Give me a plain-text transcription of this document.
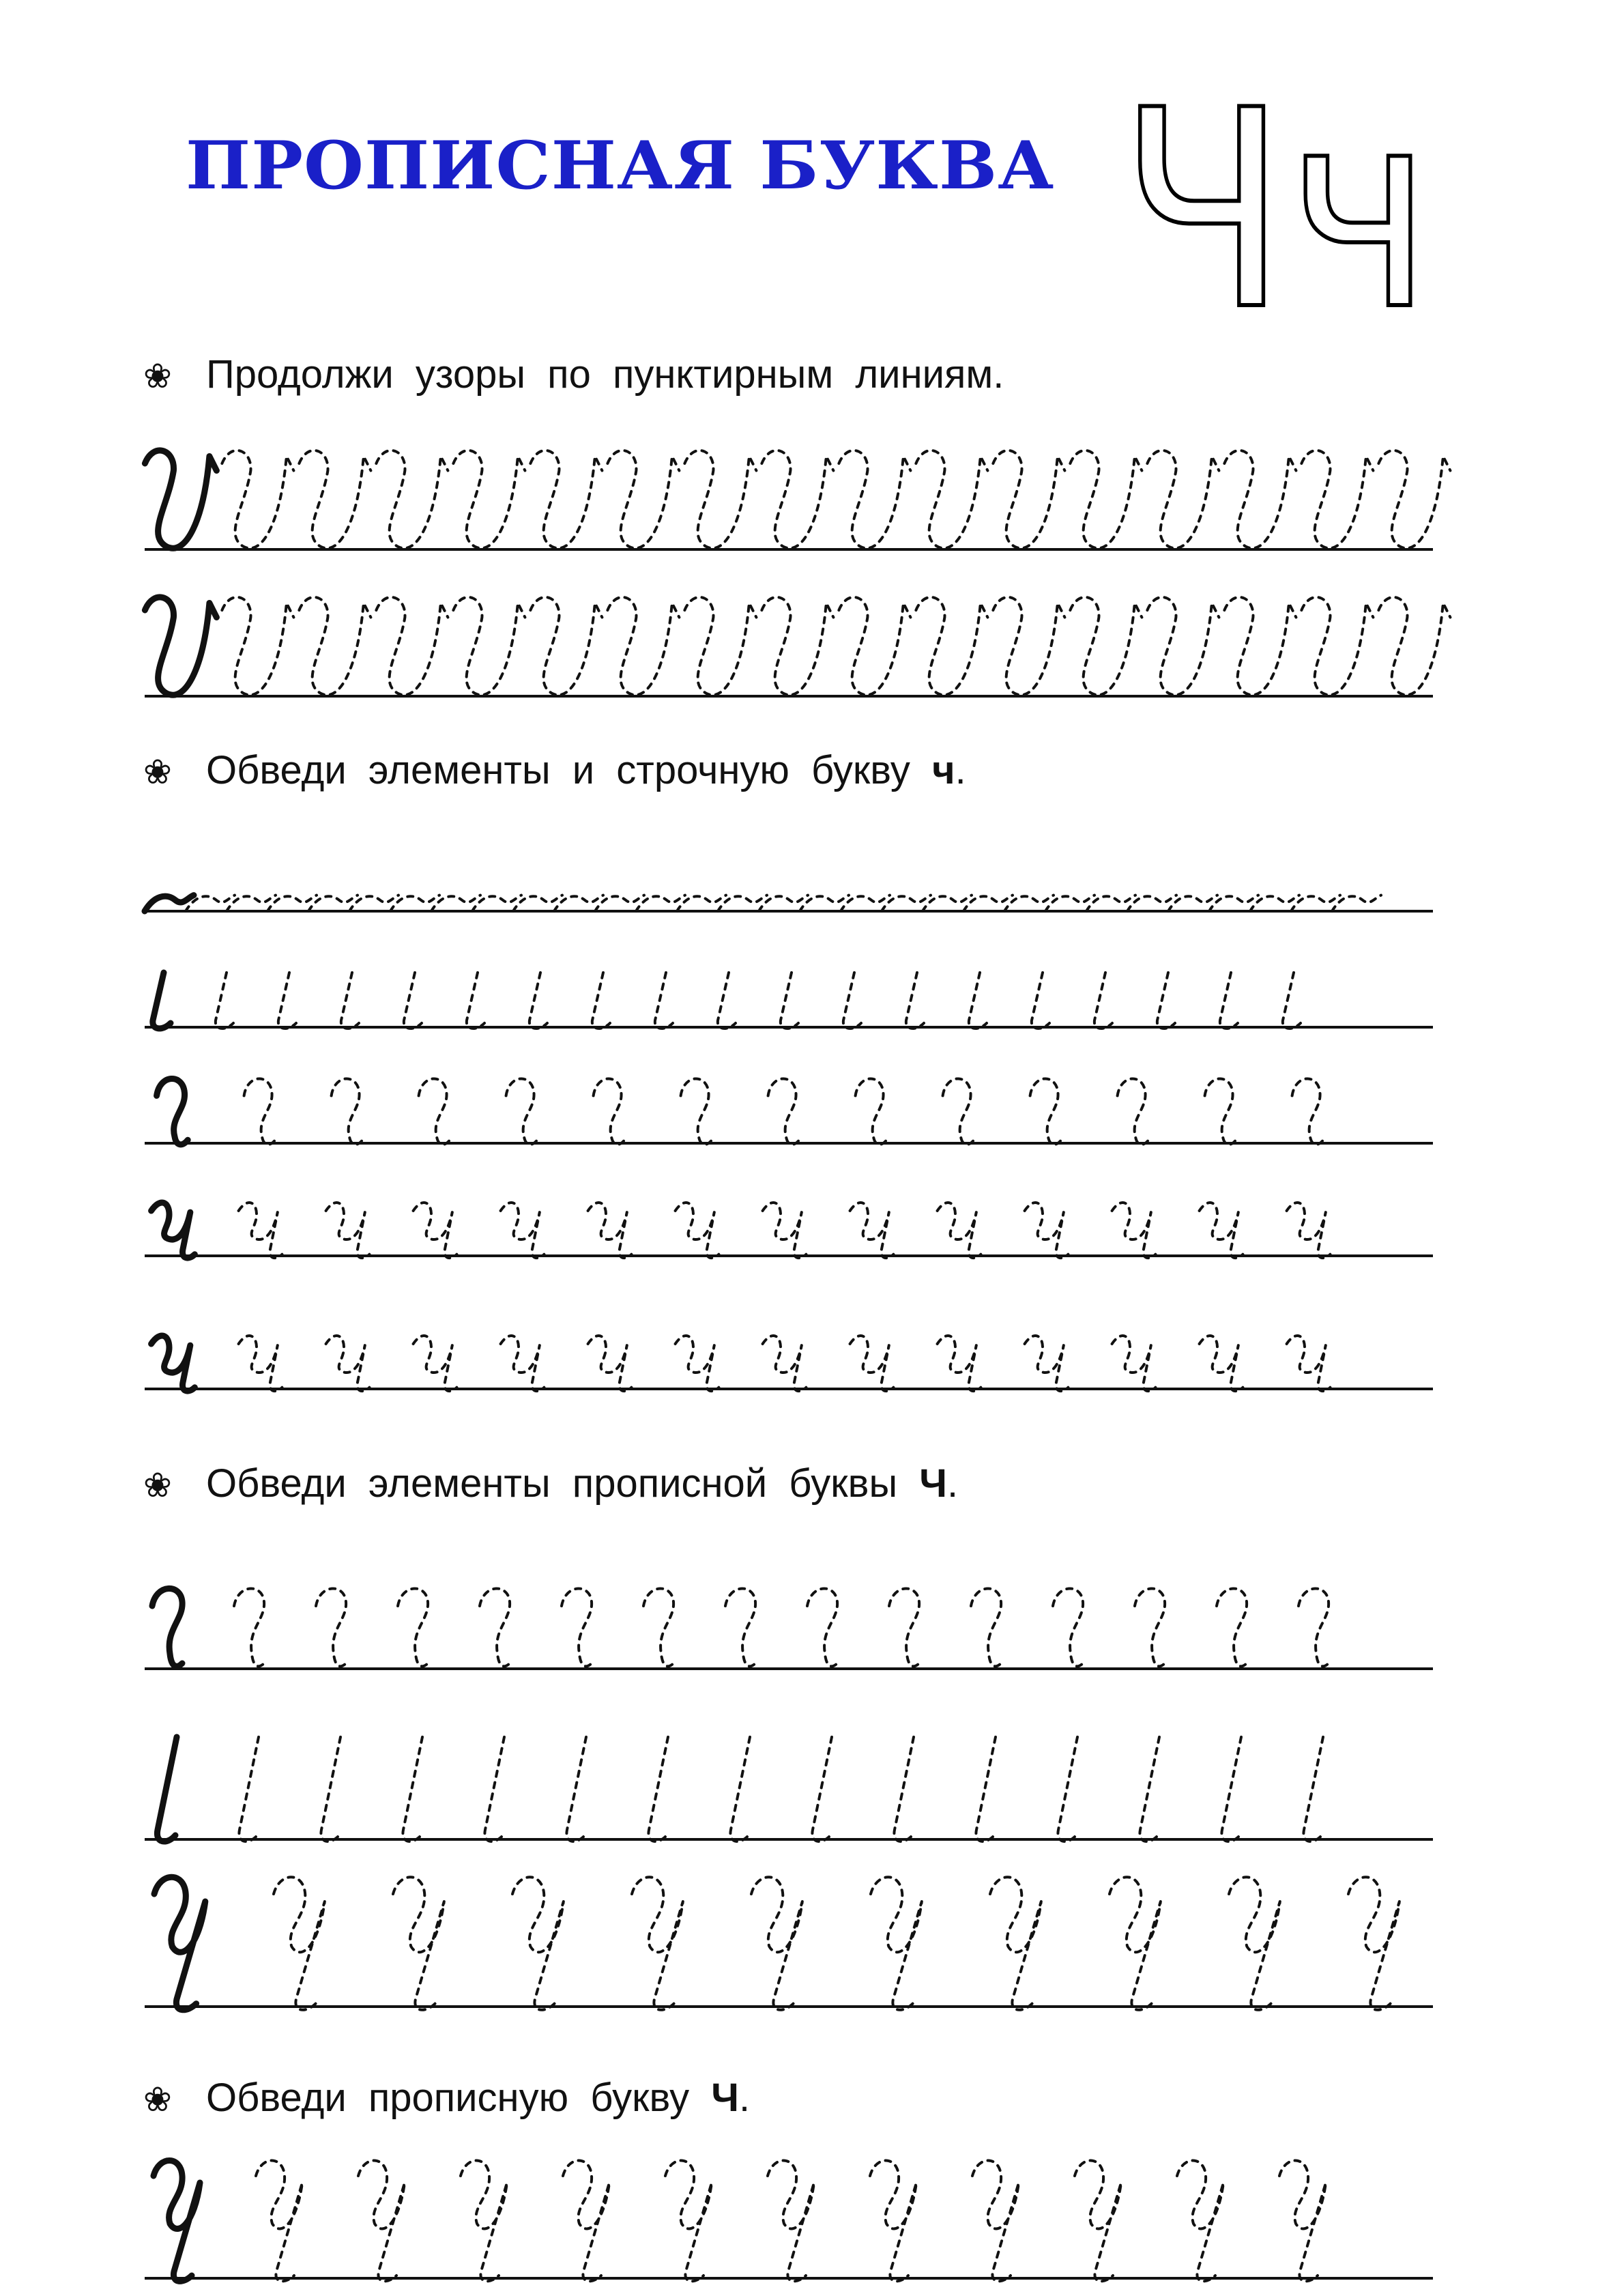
ПРОПИСНАЯ БУКВА Чч
❀ Продолжи узоры по пунктирным линиям.
❀ Обведи элементы и строчную букву ч.
❀ Обведи элементы прописной буквы Ч.
❀ Обведи прописную букву Ч.
